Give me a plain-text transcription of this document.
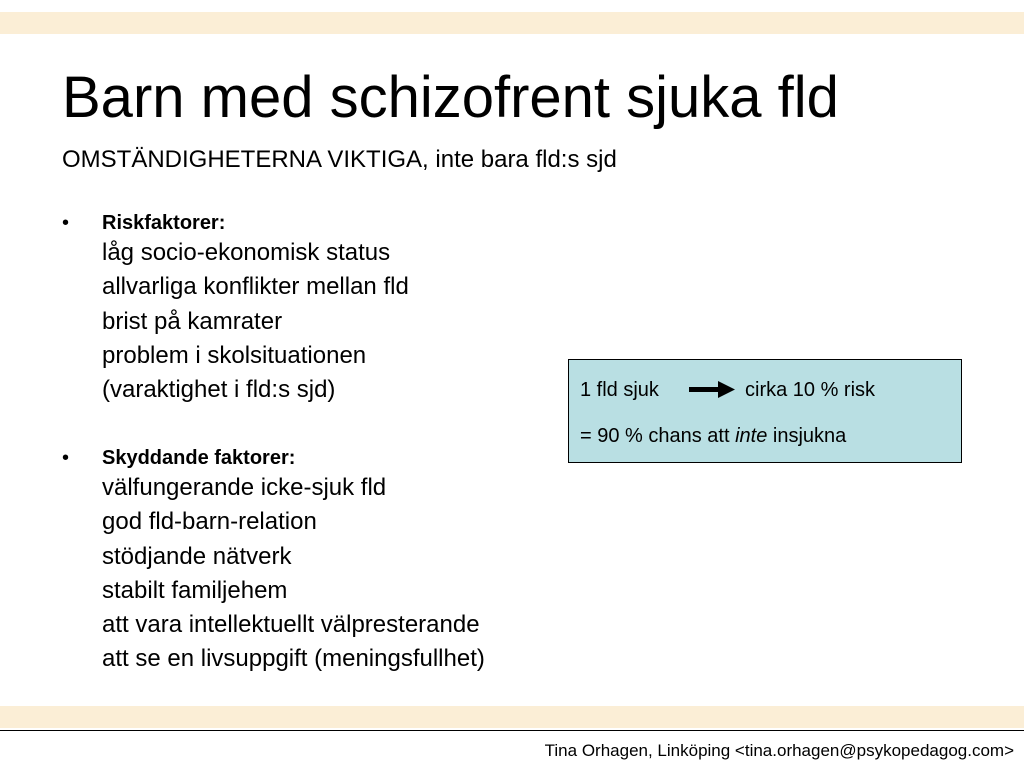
Barn med schizofrent sjuka fld
OMSTÄNDIGHETERNA VIKTIGA, inte bara fld:s sjd
• Riskfaktorer:
låg socio-ekonomisk status
allvarliga konflikter mellan fld
brist på kamrater
problem i skolsituationen
(varaktighet i fld:s sjd)
• Skyddande faktorer:
välfungerande icke-sjuk fld
god fld-barn-relation
stödjande nätverk
stabilt familjehem
att vara intellektuellt välpresterande
att se en livsuppgift (meningsfullhet)
1 fld sjuk	cirka 10 % risk
= 90 % chans att inte insjukna
Tina Orhagen, Linköping <tina.orhagen@psykopedagog.com>
